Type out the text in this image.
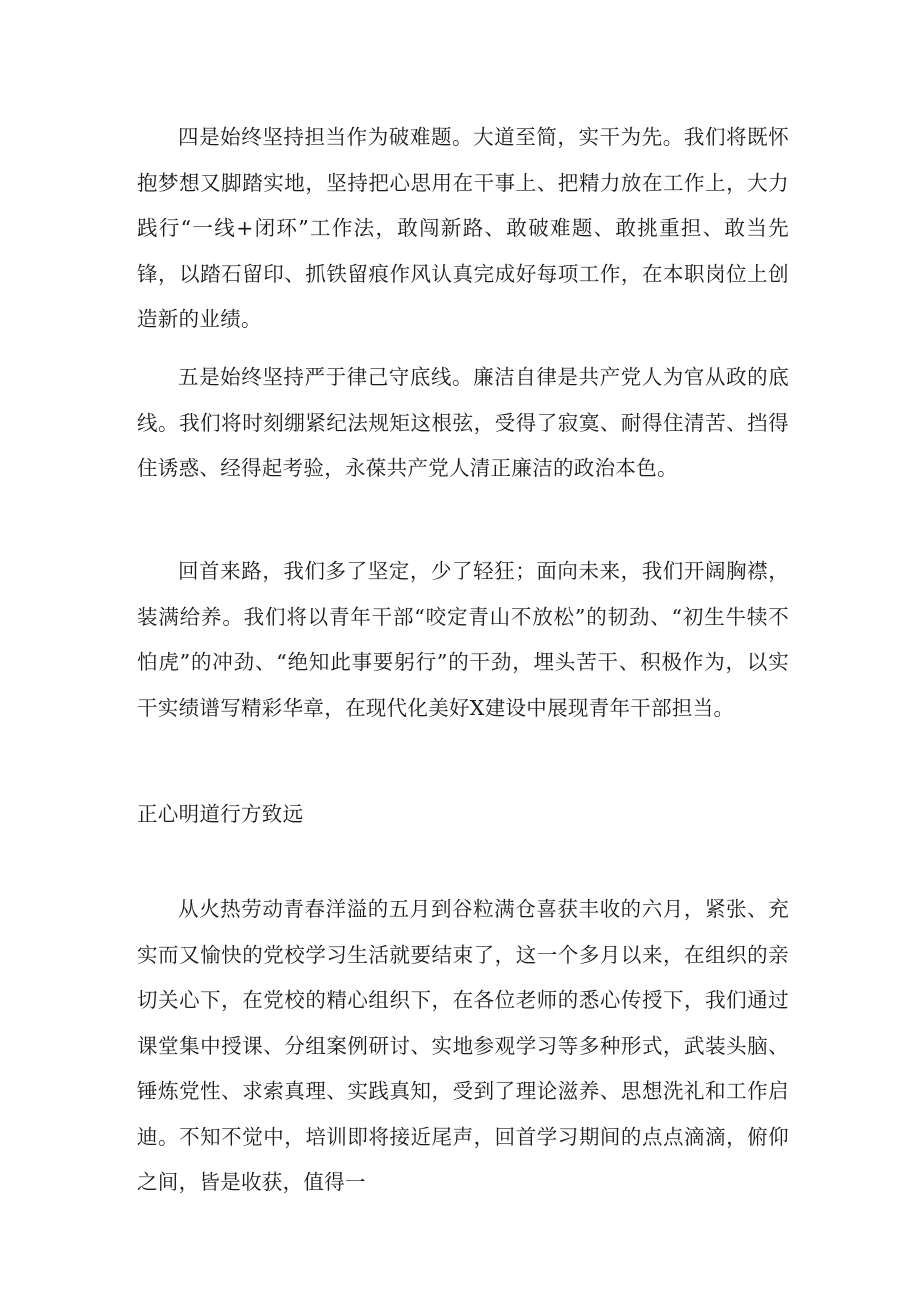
四是始终坚持担当作为破难题。大道至简，实干为先。我们将既怀抱梦想又脚踏实地，坚持把心思用在干事上、把精力放在工作上，大力践行“一线+闭环”工作法，敢闯新路、敢破难题、敢挑重担、敢当先锋，以踏石留印、抓铁留痕作风认真完成好每项工作，在本职岗位上创造新的业绩。

五是始终坚持严于律己守底线。廉洁自律是共产党人为官从政的底线。我们将时刻绷紧纪法规矩这根弦，受得了寂寞、耐得住清苦、挡得住诱惑、经得起考验，永葆共产党人清正廉洁的政治本色。

回首来路，我们多了坚定，少了轻狂；面向未来，我们开阔胸襟，装满给养。我们将以青年干部“咬定青山不放松”的韧劲、“初生牛犊不怕虎”的冲劲、“绝知此事要躬行”的干劲，埋头苦干、积极作为，以实干实绩谱写精彩华章，在现代化美好X建设中展现青年干部担当。

正心明道行方致远

从火热劳动青春洋溢的五月到谷粒满仓喜获丰收的六月，紧张、充实而又愉快的党校学习生活就要结束了，这一个多月以来，在组织的亲切关心下，在党校的精心组织下，在各位老师的悉心传授下，我们通过课堂集中授课、分组案例研讨、实地参观学习等多种形式，武装头脑、锤炼党性、求索真理、实践真知，受到了理论滋养、思想洗礼和工作启迪。不知不觉中，培训即将接近尾声，回首学习期间的点点滴滴，俯仰之间，皆是收获，值得一
